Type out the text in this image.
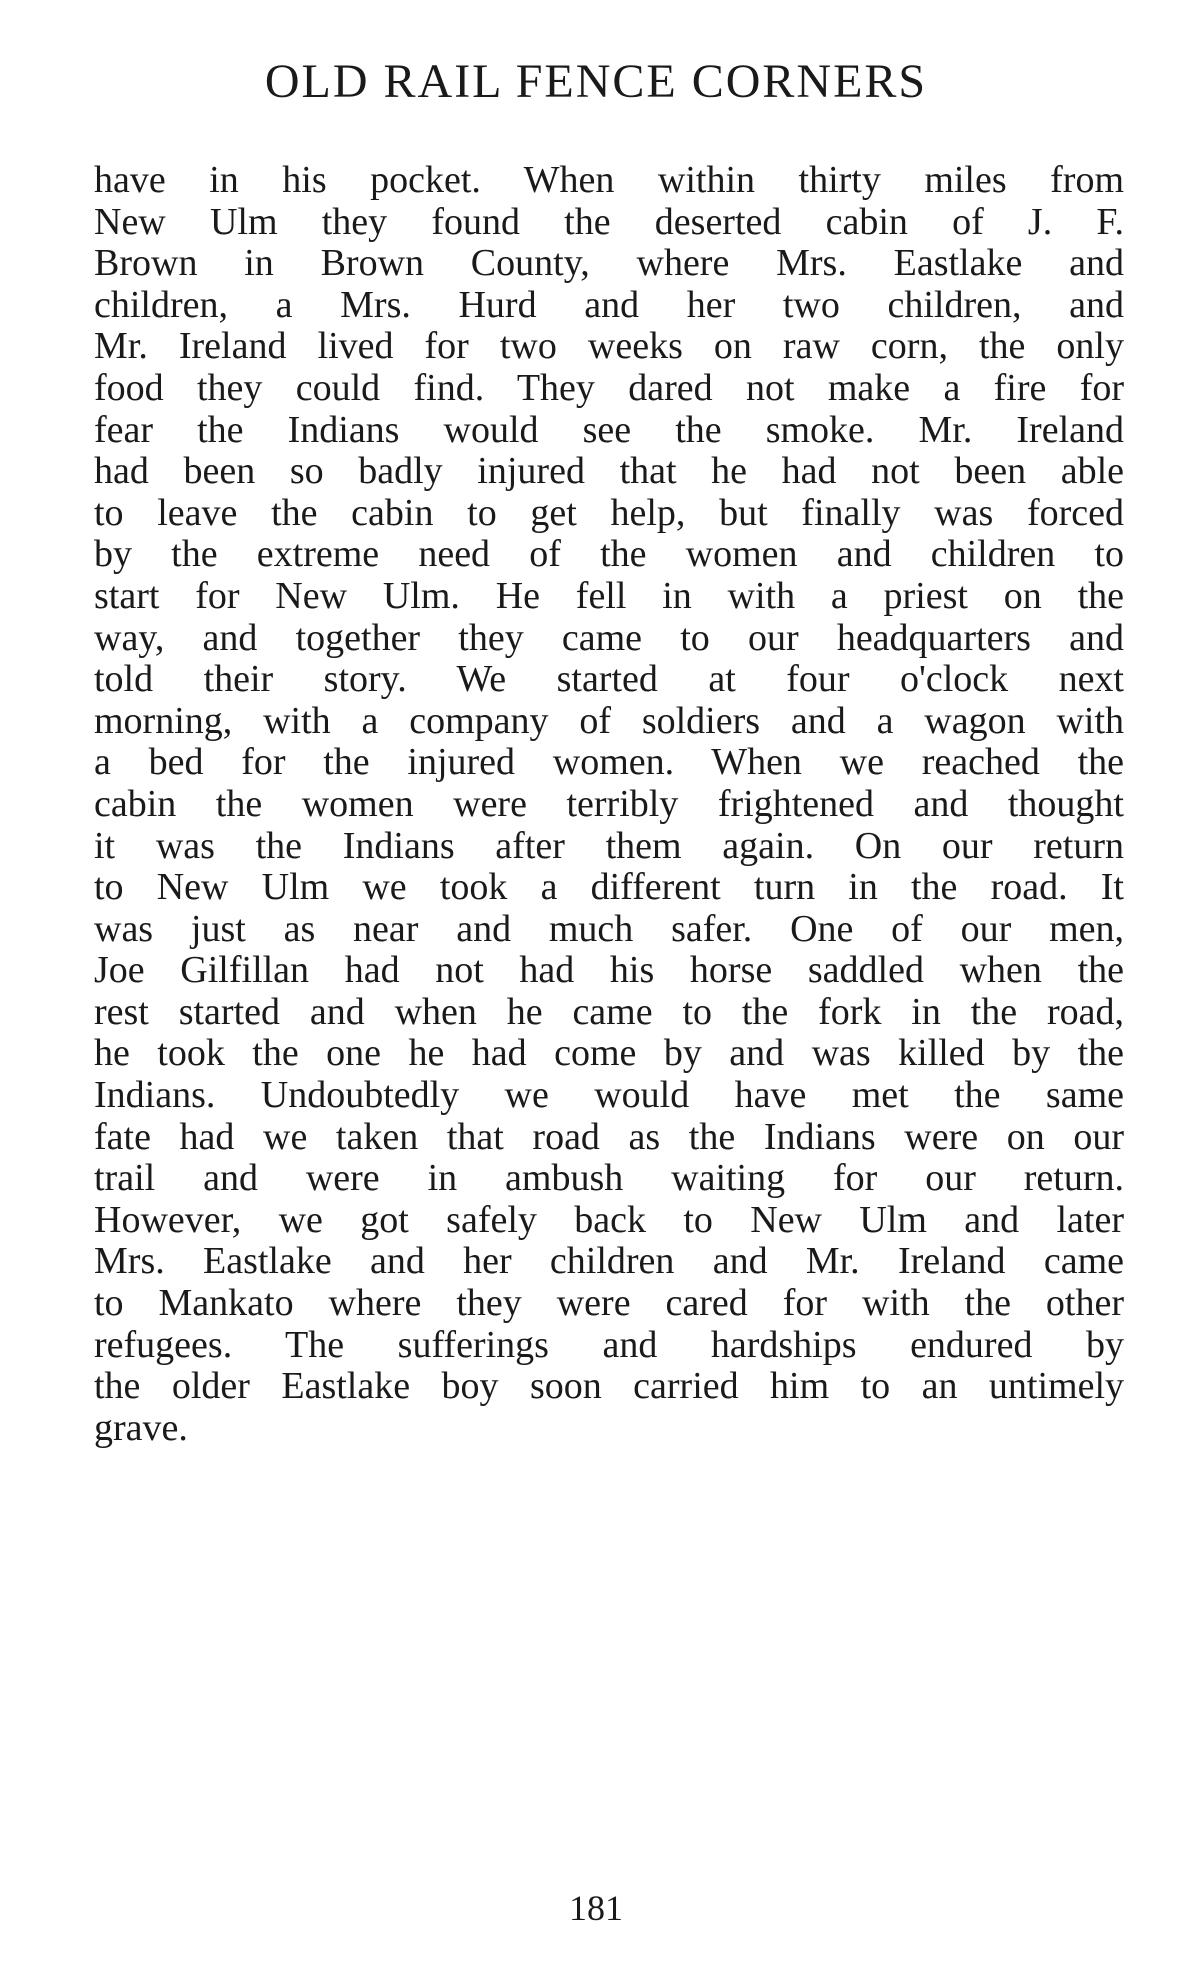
OLD RAIL FENCE CORNERS
have in his pocket. When within thirty miles from
New Ulm they found the deserted cabin of J. F.
Brown in Brown County, where Mrs. Eastlake and
children, a Mrs. Hurd and her two children, and
Mr. Ireland lived for two weeks on raw corn, the only
food they could find. They dared not make a fire for
fear the Indians would see the smoke. Mr. Ireland
had been so badly injured that he had not been able
to leave the cabin to get help, but finally was forced
by the extreme need of the women and children to
start for New Ulm. He fell in with a priest on the
way, and together they came to our headquarters and
told their story. We started at four o'clock next
morning, with a company of soldiers and a wagon with
a bed for the injured women. When we reached the
cabin the women were terribly frightened and thought
it was the Indians after them again. On our return
to New Ulm we took a different turn in the road. It
was just as near and much safer. One of our men,
Joe Gilfillan had not had his horse saddled when the
rest started and when he came to the fork in the road,
he took the one he had come by and was killed by the
Indians. Undoubtedly we would have met the same
fate had we taken that road as the Indians were on our
trail and were in ambush waiting for our return.
However, we got safely back to New Ulm and later
Mrs. Eastlake and her children and Mr. Ireland came
to Mankato where they were cared for with the other
refugees. The sufferings and hardships endured by
the older Eastlake boy soon carried him to an untimely
grave.
181
